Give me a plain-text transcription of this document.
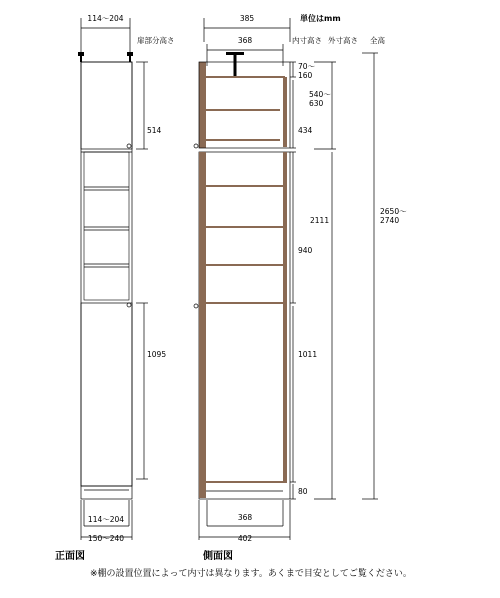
114～204
514
1095
114～204
150～240
正面図
385
368
368
402
側面図
70～ 160
434
940
1011
80
540～ 630
2111
2650～ 2740
単位はmm
扉部分高さ	内寸高さ 外寸高さ 全高
※棚の設置位置によって内寸は異なります。あくまで目安としてご覧ください。
